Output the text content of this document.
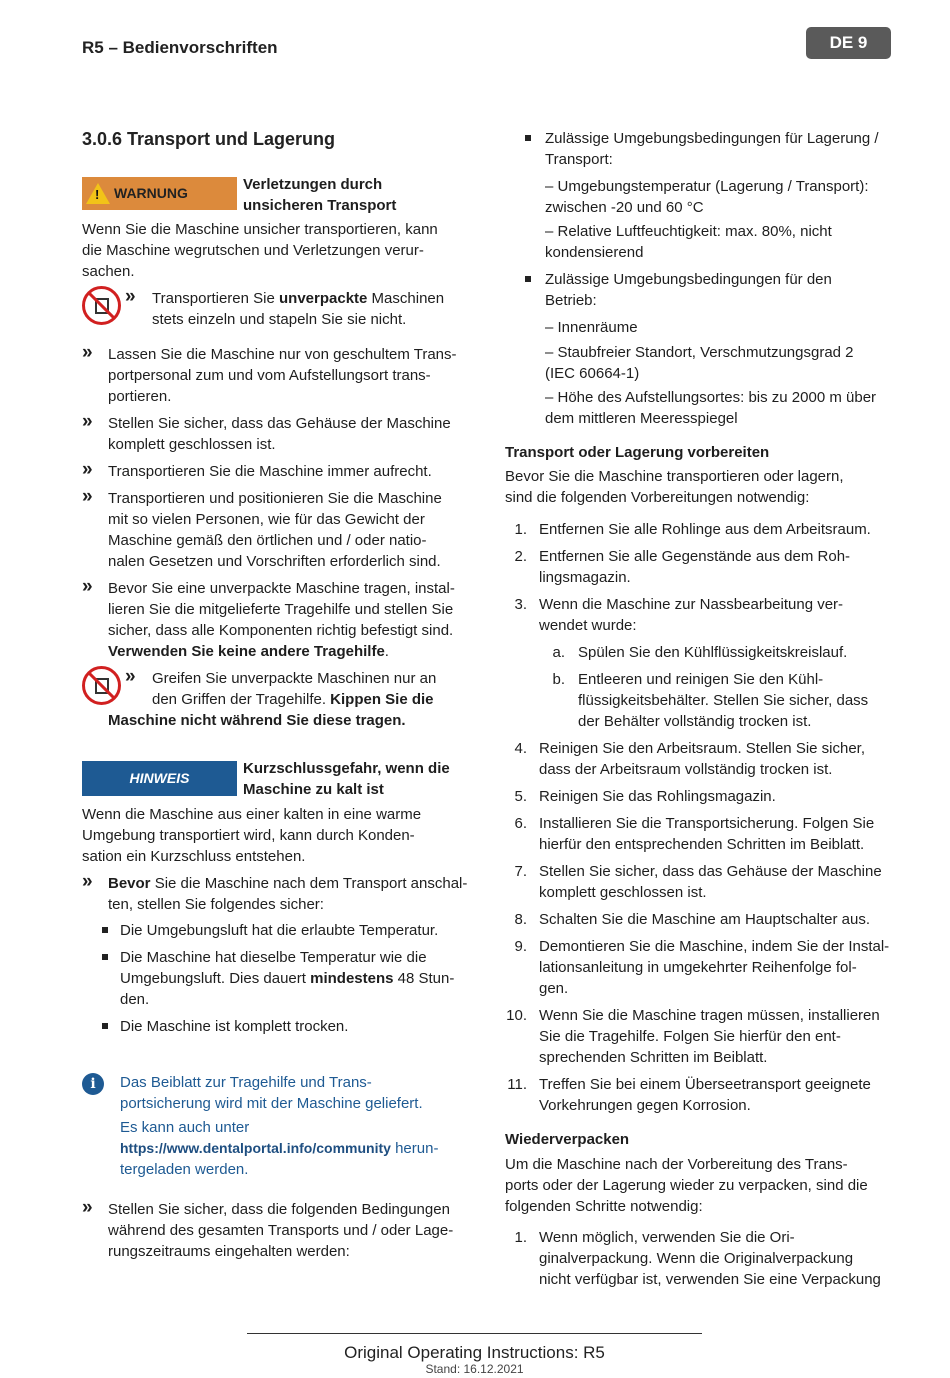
R5 – Bedienvorschriften	DE 9
3.0.6 Transport und Lagerung
! WARNUNG	Verletzungen durch
unsicheren Transport
Wenn Sie die Maschine unsicher transportieren, kann
die Maschine wegrutschen und Verletzungen verur-
sachen.
» Transportieren Sie unverpackte Maschinen
stets einzeln und stapeln Sie sie nicht.
» Lassen Sie die Maschine nur von geschultem Trans-
portpersonal zum und vom Aufstellungsort trans-
portieren.
» Stellen Sie sicher, dass das Gehäuse der Maschine
komplett geschlossen ist.
» Transportieren Sie die Maschine immer aufrecht.
» Transportieren und positionieren Sie die Maschine
mit so vielen Personen, wie für das Gewicht der
Maschine gemäß den örtlichen und / oder natio-
nalen Gesetzen und Vorschriften erforderlich sind.
» Bevor Sie eine unverpackte Maschine tragen, instal-
lieren Sie die mitgelieferte Tragehilfe und stellen Sie
sicher, dass alle Komponenten richtig befestigt sind.
Verwenden Sie keine andere Tragehilfe.
» Greifen Sie unverpackte Maschinen nur an
den Griffen der Tragehilfe. Kippen Sie die
Maschine nicht während Sie diese tragen.
HINWEIS
Kurzschlussgefahr, wenn die
Maschine zu kalt ist
Wenn die Maschine aus einer kalten in eine warme
Umgebung transportiert wird, kann durch Konden-
sation ein Kurzschluss entstehen.
» Bevor Sie die Maschine nach dem Transport anschal-
ten, stellen Sie folgendes sicher:
Die Umgebungsluft hat die erlaubte Temperatur.
Die Maschine hat dieselbe Temperatur wie die
Umgebungsluft. Dies dauert mindestens 48 Stun-
den.
Die Maschine ist komplett trocken.
i	Das Beiblatt zur Tragehilfe und Trans-
portsicherung wird mit der Maschine geliefert.
Es kann auch unter
https://www.dentalportal.info/community herun-
tergeladen werden.
» Stellen Sie sicher, dass die folgenden Bedingungen
während des gesamten Transports und / oder Lage-
rungszeitraums eingehalten werden:
Zulässige Umgebungsbedingungen für Lagerung /
Transport:
– Umgebungstemperatur (Lagerung / Transport):
zwischen -20 und 60 °C
– Relative Luftfeuchtigkeit: max. 80%, nicht
kondensierend
Zulässige Umgebungsbedingungen für den
Betrieb:
– Innenräume
– Staubfreier Standort, Verschmutzungsgrad 2
(IEC 60664-1)
– Höhe des Aufstellungsortes: bis zu 2000 m über
dem mittleren Meeresspiegel
Transport oder Lagerung vorbereiten
Bevor Sie die Maschine transportieren oder lagern,
sind die folgenden Vorbereitungen notwendig:
1. Entfernen Sie alle Rohlinge aus dem Arbeitsraum.
2. Entfernen Sie alle Gegenstände aus dem Roh-
lingsmagazin.
3. Wenn die Maschine zur Nassbearbeitung ver-
wendet wurde:
a. Spülen Sie den Kühlflüssigkeitskreislauf.
b. Entleeren und reinigen Sie den Kühl-
flüssigkeitsbehälter. Stellen Sie sicher, dass
der Behälter vollständig trocken ist.
4. Reinigen Sie den Arbeitsraum. Stellen Sie sicher,
dass der Arbeitsraum vollständig trocken ist.
5. Reinigen Sie das Rohlingsmagazin.
6. Installieren Sie die Transportsicherung. Folgen Sie
hierfür den entsprechenden Schritten im Beiblatt.
7. Stellen Sie sicher, dass das Gehäuse der Maschine
komplett geschlossen ist.
8. Schalten Sie die Maschine am Hauptschalter aus.
9. Demontieren Sie die Maschine, indem Sie der Instal-
lationsanleitung in umgekehrter Reihenfolge fol-
gen.
10. Wenn Sie die Maschine tragen müssen, installieren
Sie die Tragehilfe. Folgen Sie hierfür den ent-
sprechenden Schritten im Beiblatt.
11. Treffen Sie bei einem Überseetransport geeignete
Vorkehrungen gegen Korrosion.
Wiederverpacken
Um die Maschine nach der Vorbereitung des Trans-
ports oder der Lagerung wieder zu verpacken, sind die
folgenden Schritte notwendig:
1. Wenn möglich, verwenden Sie die Ori-
ginalverpackung. Wenn die Originalverpackung
nicht verfügbar ist, verwenden Sie eine Verpackung
Original Operating Instructions: R5
Stand: 16.12.2021
